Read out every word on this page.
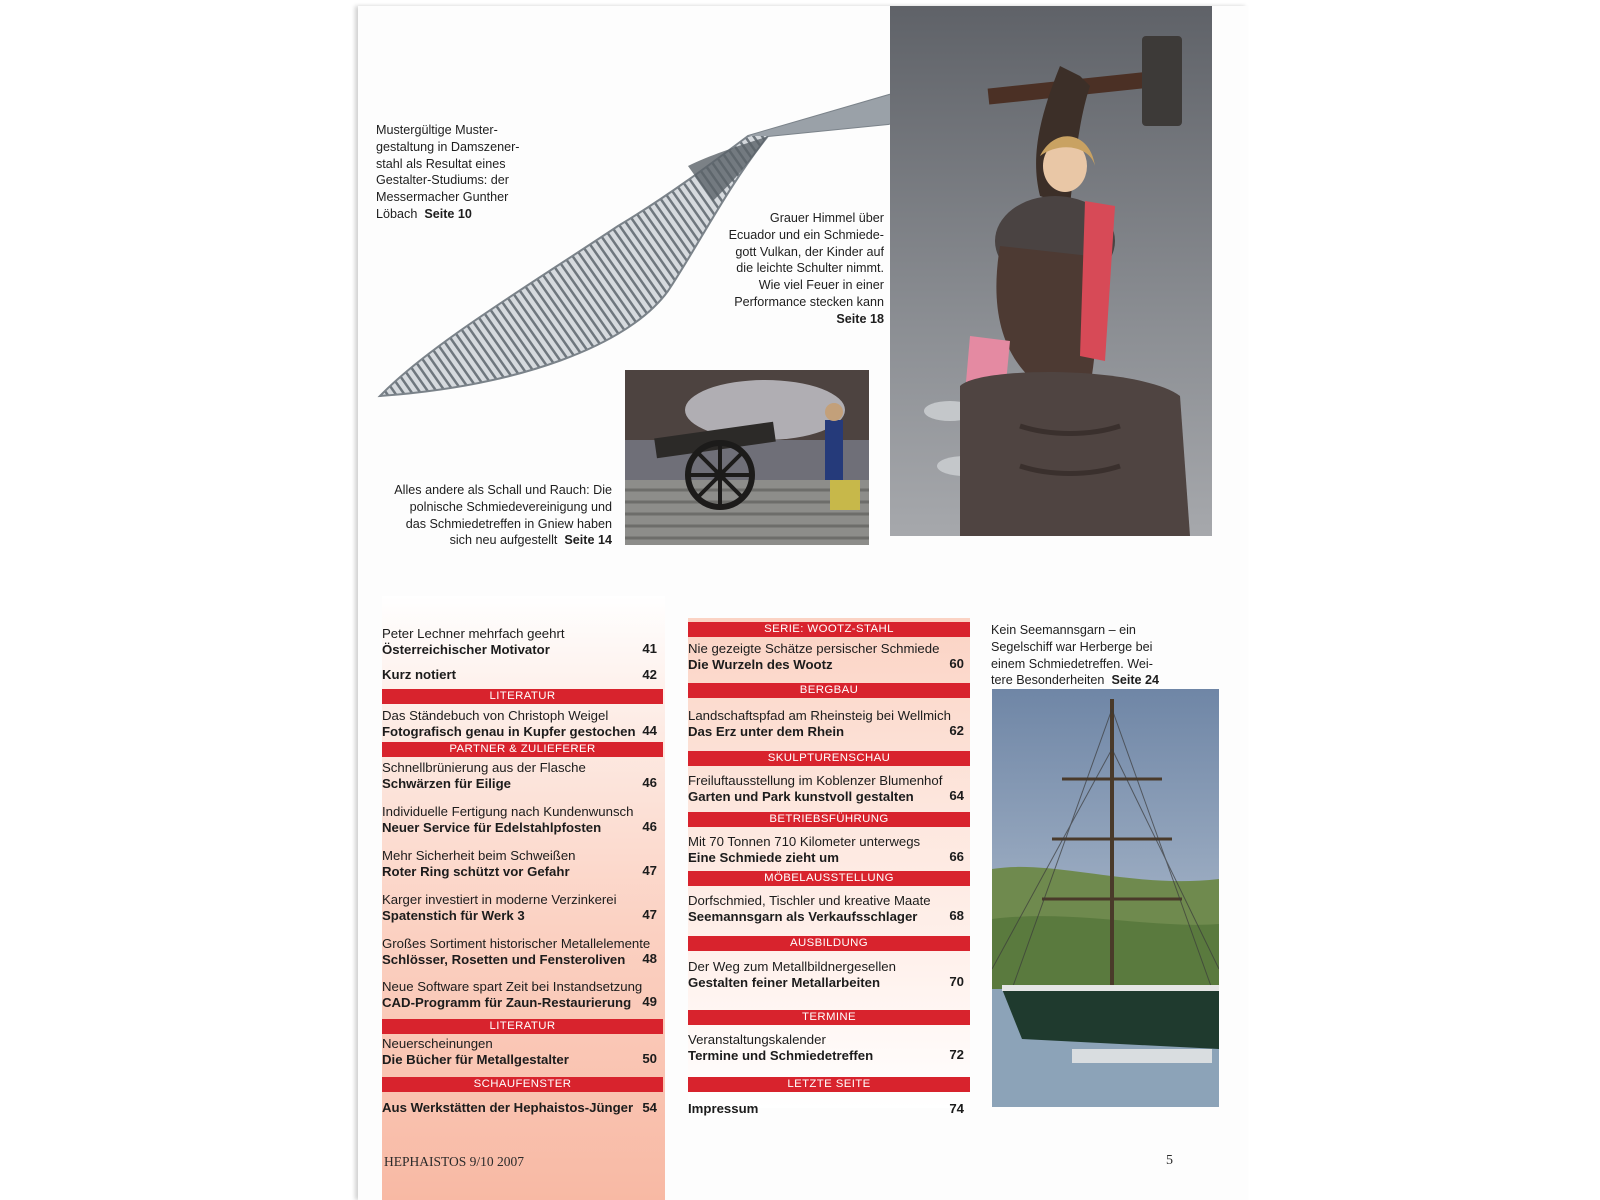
Mustergültige Muster-
gestaltung in Damszener-
stahl als Resultat eines
Gestalter-Studiums: der
Messermacher Gunther
Löbach Seite 10	Grauer Himmel über
Ecuador und ein Schmiede-
gott Vulkan, der Kinder auf
die leichte Schulter nimmt.
Wie viel Feuer in einer
Performance stecken kann
Seite 18
Alles andere als Schall und Rauch: Die
polnische Schmiedevereinigung und
das Schmiedetreffen in Gniew haben
sich neu aufgestellt Seite 14
Kein Seemannsgarn – ein
Segelschiff war Herberge bei
einem Schmiedetreffen. Wei-
tere Besonderheiten Seite 24
Peter Lechner mehrfach geehrt
Österreichischer Motivator	41
Kurz notiert	42
LITERATUR
Das Ständebuch von Christoph Weigel
Fotografisch genau in Kupfer gestochen 44
PARTNER & ZULIEFERER
Schnellbrünierung aus der Flasche
Schwärzen für Eilige	46
Individuelle Fertigung nach Kundenwunsch
Neuer Service für Edelstahlpfosten	46
Mehr Sicherheit beim Schweißen
Roter Ring schützt vor Gefahr	47
Karger investiert in moderne Verzinkerei
Spatenstich für Werk 3	47
Großes Sortiment historischer Metallelemente
Schlösser, Rosetten und Fensteroliven	48
Neue Software spart Zeit bei Instandsetzung
CAD-Programm für Zaun-Restaurierung 49
LITERATUR
Neuerscheinungen
Die Bücher für Metallgestalter	50
SCHAUFENSTER
Aus Werkstätten der Hephaistos-Jünger 54
SERIE: WOOTZ-STAHL
Nie gezeigte Schätze persischer Schmiede
Die Wurzeln des Wootz	60
BERGBAU
Landschaftspfad am Rheinsteig bei Wellmich
Das Erz unter dem Rhein	62
SKULPTURENSCHAU
Freiluftausstellung im Koblenzer Blumenhof
Garten und Park kunstvoll gestalten	64
BETRIEBSFÜHRUNG
Mit 70 Tonnen 710 Kilometer unterwegs
Eine Schmiede zieht um	66
MÖBELAUSSTELLUNG
Dorfschmied, Tischler und kreative Maate
Seemannsgarn als Verkaufsschlager	68
AUSBILDUNG
Der Weg zum Metallbildnergesellen
Gestalten feiner Metallarbeiten	70
TERMINE
Veranstaltungskalender
Termine und Schmiedetreffen	72
LETZTE SEITE
Impressum	74
HEPHAISTOS 9/10 2007	5
